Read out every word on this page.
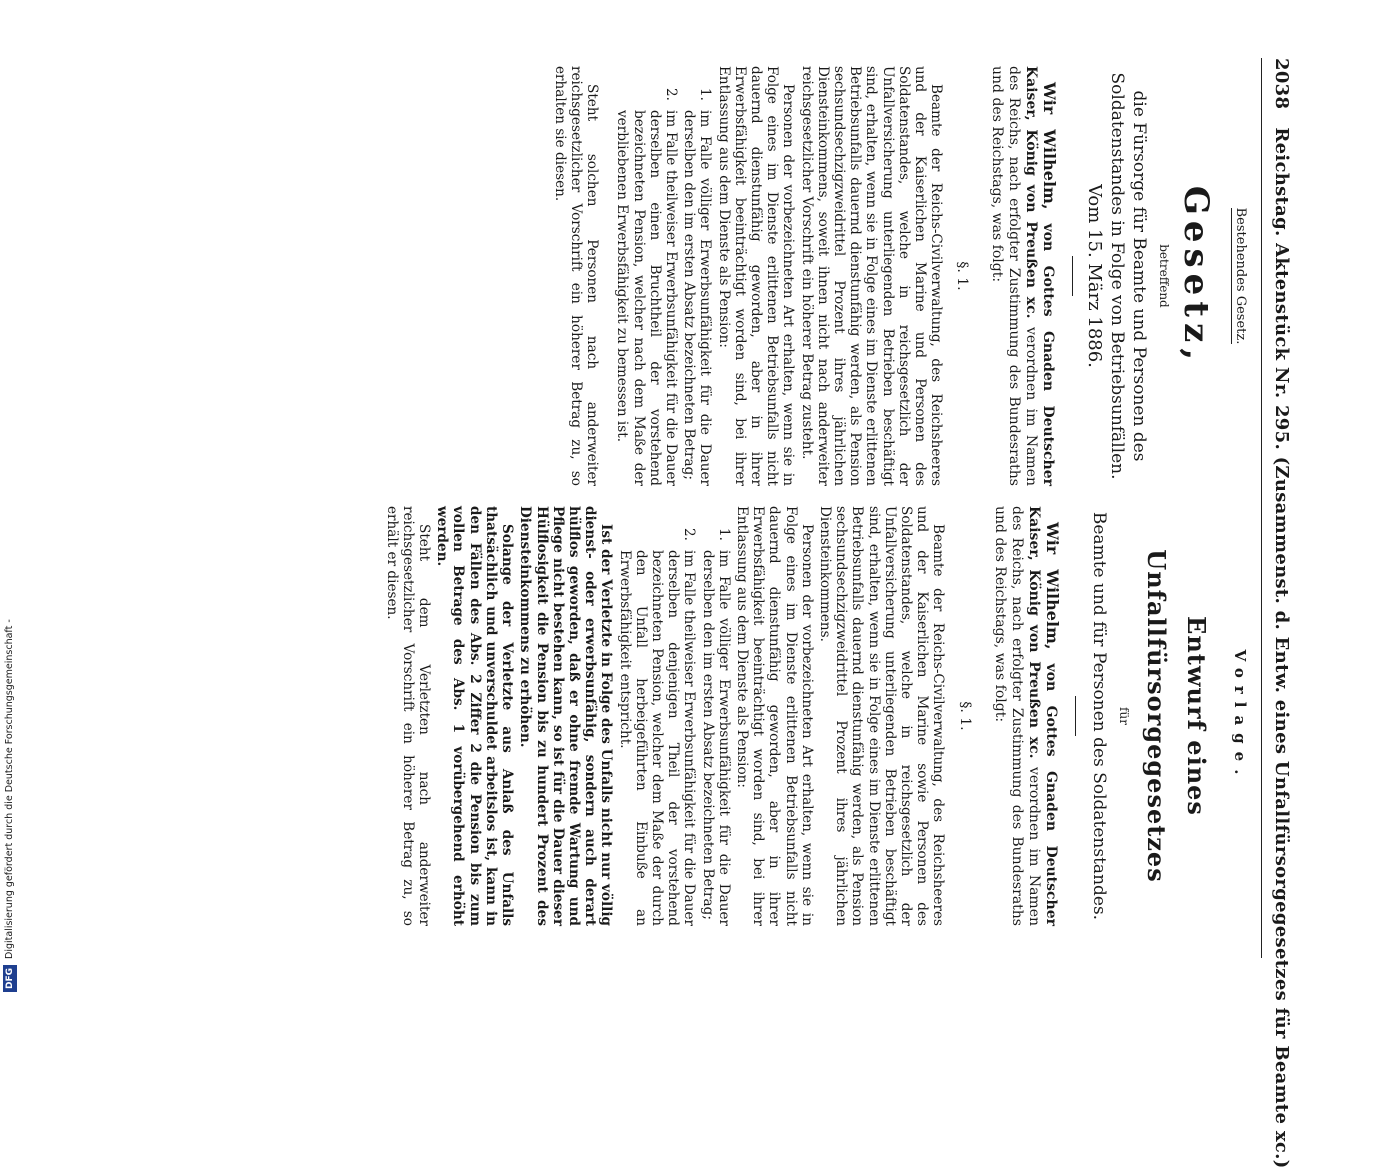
2038
Reichstag. Aktenstück Nr. 295. (Zusammenst. d. Entw. eines Unfallfürsorgegesetzes für Beamte xc.)
Bestehendes Gesetz.
Gesetz,
betreffend
die Fürsorge für Beamte und Personen des Soldatenstandes in Folge von Betriebsunfällen.
Vom 15. März 1886.
Wir Wilhelm, von Gottes Gnaden Deutscher Kaiser, König von Preußen xc. verordnen im Namen des Reichs, nach erfolgter Zustimmung des Bundesraths und des Reichstags, was folgt:
§. 1.

Beamte der Reichs-Civilverwaltung, des Reichsheeres und der Kaiserlichen Marine und Personen des Soldatenstandes, welche in reichsgesetzlich der Unfallversicherung unterliegenden Betrieben beschäftigt sind, erhalten, wenn sie in Folge eines im Dienste erlittenen Betriebsunfalls dauernd dienstunfähig werden, als Pension sechsundsechzigzweidrittel Prozent ihres jährlichen Diensteinkommens, soweit ihnen nicht nach anderweiter reichsgesetzlicher Vorschrift ein höherer Betrag zusteht.

Personen der vorbezeichneten Art erhalten, wenn sie in Folge eines im Dienste erlittenen Betriebsunfalls nicht dauernd dienstunfähig geworden, aber in ihrer Erwerbsfähigkeit beeinträchtigt worden sind, bei ihrer Entlassung aus dem Dienste als Pension:

1.
im Falle völliger Erwerbsunfähigkeit für die Dauer derselben den im ersten Absatz bezeichneten Betrag;
2.
im Falle theilweiser Erwerbsunfähigkeit für die Dauer derselben einen Bruchtheil der vorstehend bezeichneten Pension, welcher nach dem Maße der verbliebenen Erwerbsfähigkeit zu bemessen ist.

Steht solchen Personen nach anderweiter reichsgesetzlicher Vorschrift ein höherer Betrag zu, so erhalten sie diesen.

Vorlage.
Entwurf eines Unfallfürsorgegesetzes
für
Beamte und für Personen des Soldatenstandes.
Wir Wilhelm, von Gottes Gnaden Deutscher Kaiser, König von Preußen xc. verordnen im Namen des Reichs, nach erfolgter Zustimmung des Bundesraths und des Reichstags, was folgt:
§. 1.

Beamte der Reichs-Civilverwaltung, des Reichsheeres und der Kaiserlichen Marine sowie Personen des Soldatenstandes, welche in reichsgesetzlich der Unfallversicherung unterliegenden Betrieben beschäftigt sind, erhalten, wenn sie in Folge eines im Dienste erlittenen Betriebsunfalls dauernd dienstunfähig werden, als Pension sechsundsechzigzweidrittel Prozent ihres jährlichen Diensteinkommens.

Personen der vorbezeichneten Art erhalten, wenn sie in Folge eines im Dienste erlittenen Betriebsunfalls nicht dauernd dienstunfähig geworden, aber in ihrer Erwerbsfähigkeit beeinträchtigt worden sind, bei ihrer Entlassung aus dem Dienste als Pension:

1.
im Falle völliger Erwerbsunfähigkeit für die Dauer derselben den im ersten Absatz bezeichneten Betrag;
2.
im Falle theilweiser Erwerbsunfähigkeit für die Dauer derselben denjenigen Theil der vorstehend bezeichneten Pension, welcher dem Maße der durch den Unfall herbeigeführten Einbuße an Erwerbsfähigkeit entspricht.

Ist der Verletzte in Folge des Unfalls nicht nur völlig dienst- oder erwerbsunfähig, sondern auch derart hülflos geworden, daß er ohne fremde Wartung und Pflege nicht bestehen kann, so ist für die Dauer dieser Hülflosigkeit die Pension bis zu hundert Prozent des Diensteinkommens zu erhöhen.

Solange der Verletzte aus Anlaß des Unfalls thatsächlich und unverschuldet arbeitslos ist, kann in den Fällen des Abs. 2 Ziffer 2 die Pension bis zum vollen Betrage des Abs. 1 vorübergehend erhöht werden.

Steht dem Verletzten nach anderweiter reichsgesetzlicher Vorschrift ein höherer Betrag zu, so erhält er diesen.

DFG
Digitalisierung gefördert durch die Deutsche Forschungsgemeinschaft -
